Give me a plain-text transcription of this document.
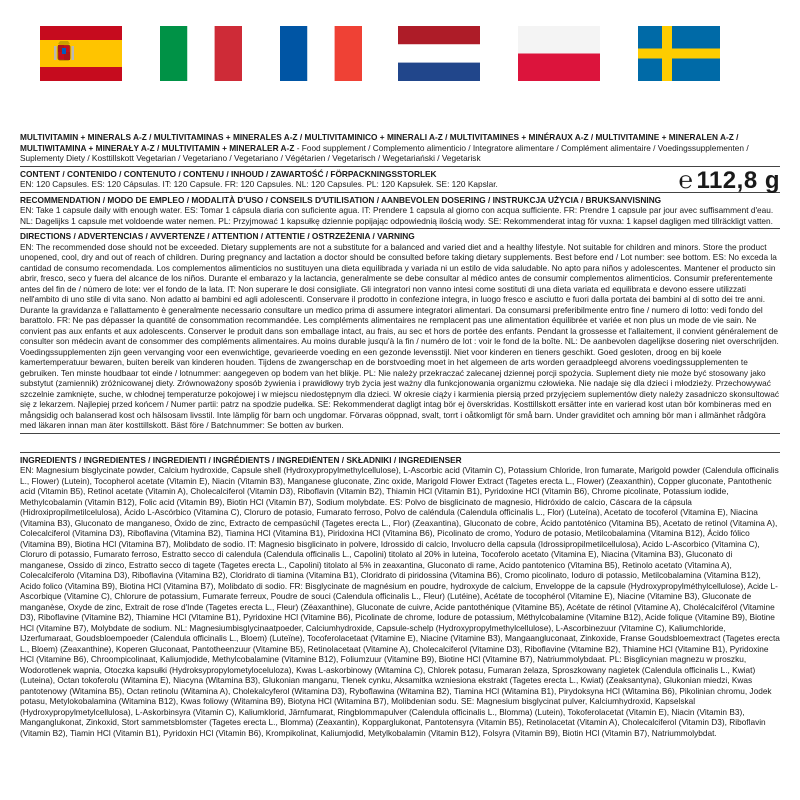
MULTIVITAMIN + MINERALS A-Z / MULTIVITAMINAS + MINERALES A-Z / MULTIVITAMINICO + MINERALI A-Z / MULTIVITAMINES + MINÉRAUX A-Z / MULTIVITAMINE + MINERALEN A-Z / MULTIWITAMINA + MINERAŁY A-Z / MULTIVITAMIN + MINERALER A-Z - Food supplement / Complemento alimenticio / Integratore alimentare / Complément alimentaire / Voedingssupplementen / Suplementy Diety / Kosttillskott Vegetarian / Vegetariano / Vegetariano / Végétarien / Vegetarisch / Wegetariański / Vegetarisk

CONTENT / CONTENIDO / CONTENUTO / CONTENU / INHOUD / ZAWARTOŚĆ / FÖRPACKNINGSSTORLEK

EN: 120 Capsules. ES: 120 Cápsulas. IT: 120 Capsule. FR: 120 Capsules. NL: 120 Capsules. PL: 120 Kapsułek. SE: 120 Kapslar.	℮ 112,8 g

RECOMMENDATION / MODO DE EMPLEO / MODALITÀ D'USO / CONSEILS D'UTILISATION / AANBEVOLEN DOSERING / INSTRUKCJA UŻYCIA / BRUKSANVISNING

EN: Take 1 capsule daily with enough water. ES: Tomar 1 cápsula diaria con suficiente agua. IT: Prendere 1 capsula al giorno con acqua sufficiente. FR: Prendre 1 capsule par jour avec suffisamment d'eau. NL: Dagelijks 1 capsule met voldoende water nemen. PL: Przyjmować 1 kapsułkę dziennie popijając odpowiednią ilością wody. SE: Rekommenderat intag för vuxna: 1 kapsel dagligen med tillräckligt vatten.

DIRECTIONS / ADVERTENCIAS / AVVERTENZE / ATTENTION / ATTENTIE / OSTRZEŻENIA / VARNING

EN: The recommended dose should not be exceeded. Dietary supplements are not a substitute for a balanced and varied diet and a healthy lifestyle. Not suitable for children and minors. Store the product unopened, cool, dry and out of reach of children. During pregnancy and lactation a doctor should be consulted before taking dietary supplements. Best before end / Lot number: see bottom. ES: No exceda la cantidad de consumo recomendada. Los complementos alimenticios no sustituyen una dieta equilibrada y variada ni un estilo de vida saludable. No apto para niños y adolescentes. Mantener el producto sin abrir, fresco, seco y fuera del alcance de los niños. Durante el embarazo y la lactancia, generalmente se debe consultar al médico antes de consumir complementos alimenticios. Consumir preferentemente antes del fin de / número de lote: ver el fondo de la lata. IT: Non superare le dosi consigliate. Gli integratori non vanno intesi come sostituti di una dieta variata ed equilibrata e devono essere utilizzati nell'ambito di uno stile di vita sano. Non adatto ai bambini ed agli adolescenti. Conservare il prodotto in confezione integra, in luogo fresco e asciutto e fuori dalla portata dei bambini al di sotto dei tre anni. Durante la gravidanza e l'allattamento è generalmente necessario consultare un medico prima di assumere integratori alimentari. Da consumarsi preferibilmente entro fine / numero di lotto: vedi fondo del barattolo. FR: Ne pas dépasser la quantité de consommation recommandée. Les compléments alimentaires ne remplacent pas une alimentation équilibrée et variée et non plus un mode de vie sain. Ne convient pas aux enfants et aux adolescents. Conserver le produit dans son emballage intact, au frais, au sec et hors de portée des enfants. Pendant la grossesse et l'allaitement, il convient généralement de consulter son médecin avant de consommer des compléments alimentaires. Au moins durable jusqu'à la fin / numéro de lot : voir le fond de la boîte. NL: De aanbevolen dagelijkse dosering niet overschrijden. Voedingssupplementen zijn geen vervanging voor een evenwichtige, gevarieerde voeding en een gezonde levensstijl. Niet voor kinderen en tieners geschikt. Goed gesloten, droog en bij koele kamertemperatuur bewaren, buiten bereik van kinderen houden. Tijdens de zwangerschap en de borstvoeding moet in het algemeen de arts worden geraadpleegd alvorens voedingssupplementen te gebruiken. Ten minste houdbaar tot einde / lotnummer: aangegeven op bodem van het blikje. PL: Nie należy przekraczać zalecanej dziennej porcji spożycia. Suplement diety nie może być stosowany jako substytut (zamiennik) zróżnicowanej diety. Zrównoważony sposób żywienia i prawidłowy tryb życia jest ważny dla funkcjonowania organizmu człowieka. Nie nadaje się dla dzieci i młodzieży. Przechowywać szczelnie zamknięte, suche, w chłodnej temperaturze pokojowej i w miejscu niedostępnym dla dzieci. W okresie ciąży i karmienia piersią przed przyjęciem suplementów diety należy zasadniczo skonsultować się z lekarzem. Najlepiej przed końcem / Numer partii: patrz na spodzie pudełka. SE: Rekommenderat dagligt intag bör ej överskridas. Kosttillskott ersätter inte en varierad kost utan bör kombineras med en mångsidig och balanserad kost och hälsosam livsstil. Inte lämplig för barn och ungdomar. Förvaras oöppnad, svalt, torrt i oåtkomligt för små barn. Under graviditet och amning bör man i allmänhet rådgöra med läkaren innan man äter kosttillskott. Bäst före / Batchnummer: Se botten av burken.

INGREDIENTS / INGREDIENTES / INGREDIENTI / INGRÉDIENTS / INGREDIËNTEN / SKŁADNIKI / INGREDIENSER

EN: Magnesium bisglycinate powder, Calcium hydroxide, Capsule shell (Hydroxypropylmethylcellulose), L-Ascorbic acid (Vitamin C), Potassium Chloride, Iron fumarate, Marigold powder (Calendula officinalis L., Flower) (Lutein), Tocopherol acetate (Vitamin E), Niacin (Vitamin B3), Manganese gluconate, Zinc oxide, Marigold Flower Extract (Tagetes erecta L., Flower) (Zeaxanthin), Copper gluconate, Pantothenic acid (Vitamin B5), Retinol acetate (Vitamin A), Cholecalciferol (Vitamin D3), Riboflavin (Vitamin B2), Thiamin HCl (Vitamin B1), Pyridoxine HCl (Vitamin B6), Chrome picolinate, Potassium iodide, Methylcobalamin (Vitamin B12), Folic acid (Vitamin B9), Biotin HCl (Vitamin B7), Sodium molybdate. ES: Polvo de bisglicinato de magnesio, Hidróxido de calcio, Cáscara de la cápsula (Hidroxipropilmetilcelulosa), Ácido L-Ascórbico (Vitamina C), Cloruro de potasio, Fumarato ferroso, Polvo de caléndula (Calendula officinalis L., Flor) (Luteína), Acetato de tocoferol (Vitamina E), Niacina (Vitamina B3), Gluconato de manganeso, Óxido de zinc, Extracto de cempasúchil (Tagetes erecta L., Flor) (Zeaxantina), Gluconato de cobre, Ácido pantoténico (Vitamina B5), Acetato de retinol (Vitamina A), Colecalciferol (Vitamina D3), Riboflavina (Vitamina B2), Tiamina HCl (Vitamina B1), Piridoxina HCl (Vitamina B6), Picolinato de cromo, Yoduro de potasio, Metilcobalamina (Vitamina B12), Ácido fólico (Vitamina B9), Biotina HCl (Vitamina B7), Molibdato de sodio. IT: Magnesio bisglicinato in polvere, Idrossido di calcio, Involucro della capsula (Idrossipropilmetilcellulosa), Acido L-Ascorbico (Vitamina C), Cloruro di potassio, Fumarato ferroso, Estratto secco di calendula (Calendula officinalis L., Capolini) titolato al 20% in luteina, Tocoferolo acetato (Vitamina E), Niacina (Vitamina B3), Gluconato di manganese, Ossido di zinco, Estratto secco di tagete (Tagetes erecta L., Capolini) titolato al 5% in zeaxantina, Gluconato di rame, Acido pantotenico (Vitamina B5), Retinolo acetato (Vitamina A), Colecalciferolo (Vitamina D3), Riboflavina (Vitamina B2), Cloridrato di tiamina (Vitamina B1), Cloridrato di piridossina (Vitamina B6), Cromo picolinato, Ioduro di potassio, Metilcobalamina (Vitamina B12), Acido folico (Vitamina B9), Biotina HCl (Vitamina B7), Molibdato di sodio. FR: Bisglycinate de magnésium en poudre, hydroxyde de calcium, Enveloppe de la capsule (Hydroxypropylméthylcellulose), Acide L-Ascorbique (Vitamine C), Chlorure de potassium, Fumarate ferreux, Poudre de souci (Calendula officinalis L., Fleur) (Lutéine), Acétate de tocophérol (Vitamine E), Niacine (Vitamine B3), Gluconate de manganèse, Oxyde de zinc, Extrait de rose d'Inde (Tagetes erecta L., Fleur) (Zéaxanthine), Gluconate de cuivre, Acide pantothénique (Vitamine B5), Acétate de rétinol (Vitamine A), Cholécalciférol (Vitamine D3), Riboflavine (Vitamine B2), Thiamine HCl (Vitamine B1), Pyridoxine HCl (Vitamine B6), Picolinate de chrome, Iodure de potassium, Méthylcobalamine (Vitamine B12), Acide folique (Vitamine B9), Biotine HCl (Vitamine B7), Molybdate de sodium. NL: Magnesiumbisglycinaatpoeder, Calciumhydroxide, Capsule-schelp (Hydroxypropylmethylcellulose), L-Ascorbinezuur (Vitamine C), Kaliumchloride, IJzerfumaraat, Goudsbloempoeder (Calendula officinalis L., Bloem) (Luteïne), Tocoferolacetaat (Vitamine E), Niacine (Vitamine B3), Mangaangluconaat, Zinkoxide, Franse Goudsbloemextract (Tagetes erecta L., Bloem) (Zeaxanthine), Koperen Gluconaat, Pantotheenzuur (Vitamine B5), Retinolacetaat (Vitamine A), Cholecalciferol (Vitamine D3), Riboflavine (Vitamine B2), Thiamine HCl (Vitamine B1), Pyridoxine HCl (Vitamine B6), Chroompicolinaat, Kaliumjodide, Methylcobalamine (Vitamine B12), Foliumzuur (Vitamine B9), Biotine HCl (Vitamine B7), Natriummolybdaat. PL: Bisglicynian magnezu w proszku, Wodorotlenek wapnia, Otoczka kapsułki (Hydroksypropylometyloceluloza), Kwas L-askorbinowy (Witamina C), Chlorek potasu, Fumaran żelaza, Sproszkowany nagietek (Calendula officinalis L., Kwiat) (Luteina), Octan tokoferolu (Witamina E), Niacyna (Witamina B3), Glukonian manganu, Tlenek cynku, Aksamitka wzniesiona ekstrakt (Tagetes erecta L., Kwiat) (Zeaksantyna), Glukonian miedzi, Kwas pantotenowy (Witamina B5), Octan retinolu (Witamina A), Cholekalcyferol (Witamina D3), Ryboflawina (Witamina B2), Tiamina HCl (Witamina B1), Pirydoksyna HCl (Witamina B6), Pikolinian chromu, Jodek potasu, Metylokobalamina (Witamina B12), Kwas foliowy (Witamina B9), Biotyna HCl (Witamina B7), Molibdenian sodu. SE: Magnesium bisglycinat pulver, Kalciumhydroxid, Kapselskal (Hydroxypropylmetylcellulosa), L-Askorbinsyra (Vitamin C), Kaliumklorid, Järnfumarat, Ringblommapulver (Calendula officinalis L., Blomma) (Lutein), Tokoferolacetat (Vitamin E), Niacin (Vitamin B3), Manganglukonat, Zinkoxid, Stort sammetsblomster (Tagetes erecta L., Blomma) (Zeaxantin), Kopparglukonat, Pantotensyra (Vitamin B5), Retinolacetat (Vitamin A), Cholecalciferol (Vitamin D3), Riboflavin (Vitamin B2), Tiamin HCl (Vitamin B1), Pyridoxin HCl (Vitamin B6), Krompikolinat, Kaliumjodid, Metylkobalamin (Vitamin B12), Folsyra (Vitamin B9), Biotin HCl (Vitamin B7), Natriummolybdat.
